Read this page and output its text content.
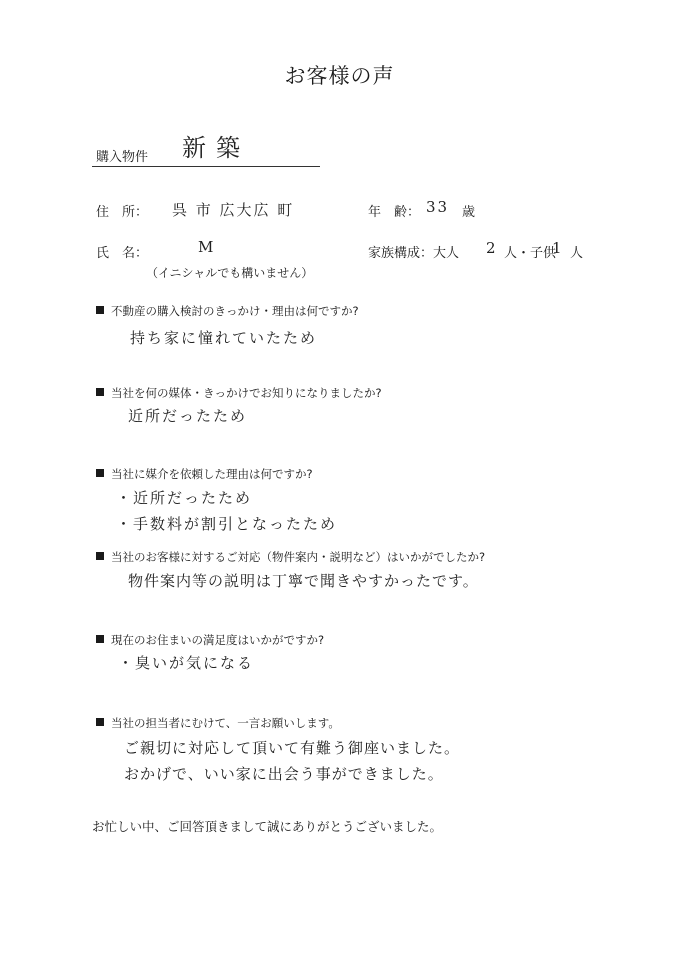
お客様の声
購入物件 新築
住　所： 呉 市 広大広 町	年　齢： 33 歳
氏　名：	M
（イニシャルでも構いません）
家族構成：大人 2 人・子供
1 人
不動産の購入検討のきっかけ・理由は何ですか?
持ち家に憧れていたため
当社を何の媒体・きっかけでお知りになりましたか?
近所だったため
当社に媒介を依頼した理由は何ですか?
・近所だったため
・手数料が割引となったため
当社のお客様に対するご対応（物件案内・説明など）はいかがでしたか?
物件案内等の説明は丁寧で聞きやすかったです。
現在のお住まいの満足度はいかがですか?
・臭いが気になる
当社の担当者にむけて、一言お願いします。
ご親切に対応して頂いて有難う御座いました。
おかげで、いい家に出会う事ができました。
お忙しい中、ご回答頂きまして誠にありがとうございました。
